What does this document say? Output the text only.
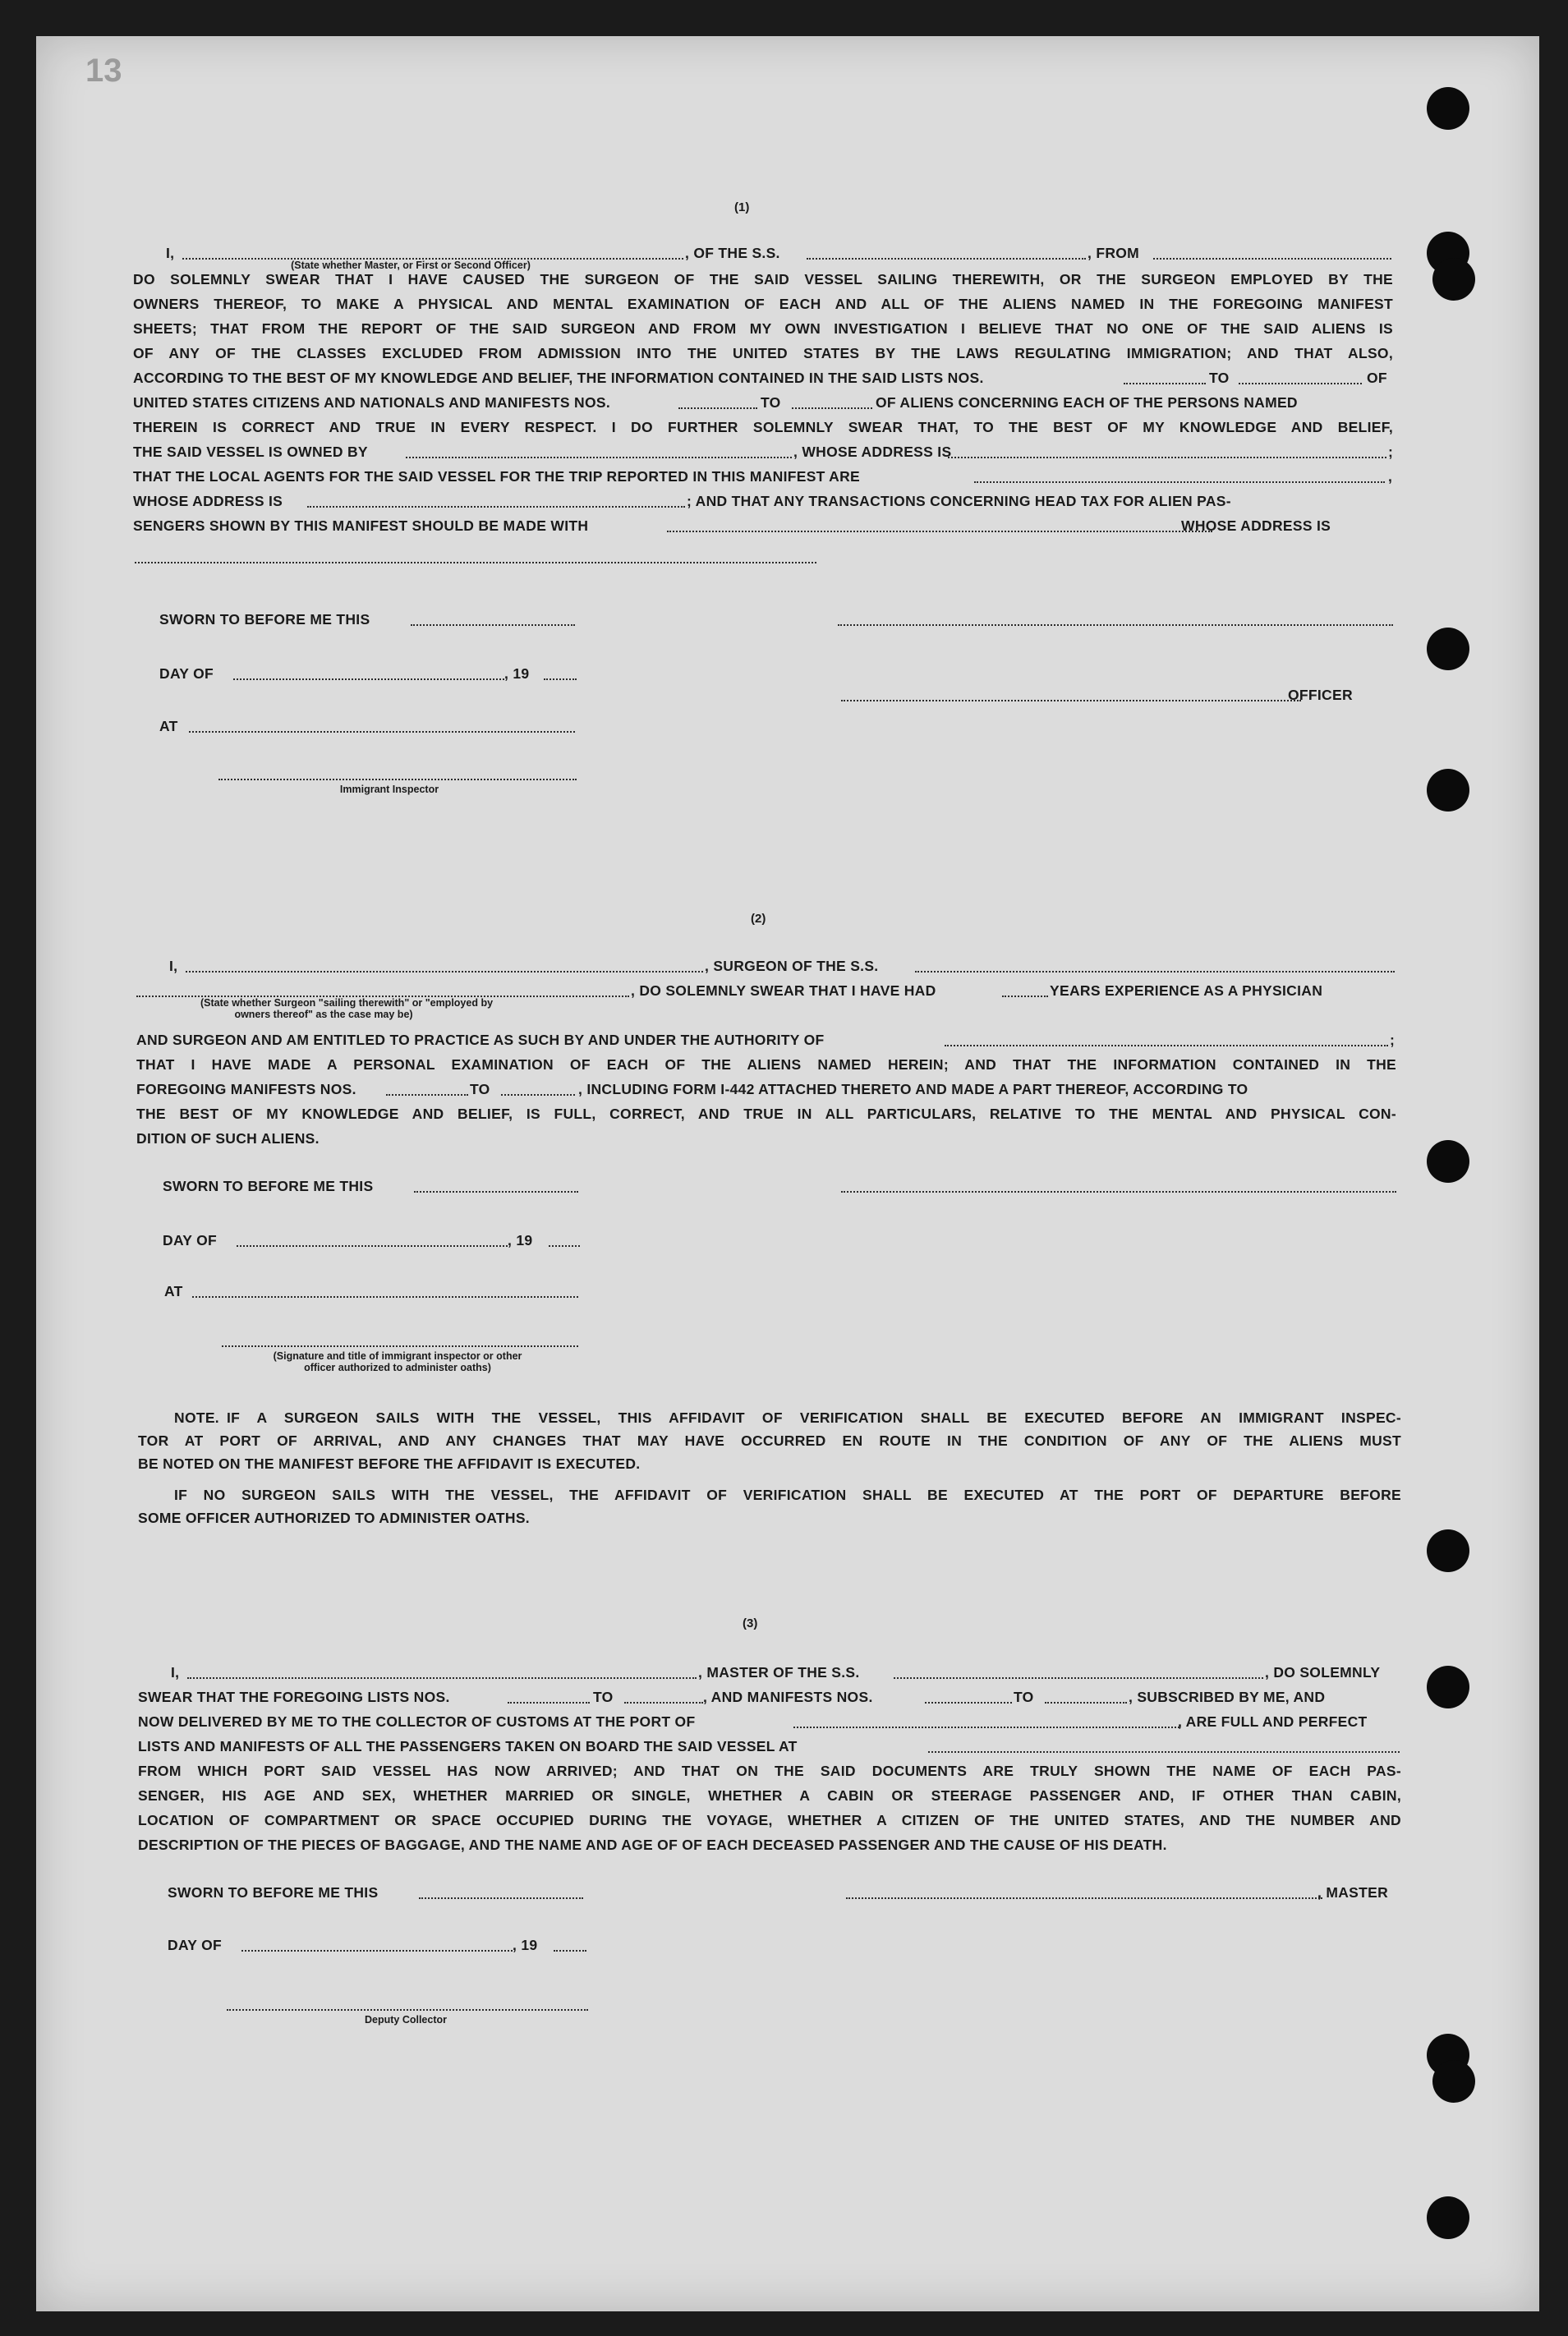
13
(1)
I,	, OF THE S.S.	, FROM
(State whether Master, or First or Second Officer)
DO SOLEMNLY SWEAR THAT I HAVE CAUSED THE SURGEON OF THE SAID VESSEL SAILING THEREWITH, OR THE SURGEON EMPLOYED BY THE
OWNERS THEREOF, TO MAKE A PHYSICAL AND MENTAL EXAMINATION OF EACH AND ALL OF THE ALIENS NAMED IN THE FOREGOING MANIFEST
SHEETS; THAT FROM THE REPORT OF THE SAID SURGEON AND FROM MY OWN INVESTIGATION I BELIEVE THAT NO ONE OF THE SAID ALIENS IS
OF ANY OF THE CLASSES EXCLUDED FROM ADMISSION INTO THE UNITED STATES BY THE LAWS REGULATING IMMIGRATION; AND THAT ALSO,
ACCORDING TO THE BEST OF MY KNOWLEDGE AND BELIEF, THE INFORMATION CONTAINED IN THE SAID LISTS NOS.	TO	OF
UNITED STATES CITIZENS AND NATIONALS AND MANIFESTS NOS.	TO	OF ALIENS CONCERNING EACH OF THE PERSONS NAMED
THEREIN IS CORRECT AND TRUE IN EVERY RESPECT. I DO FURTHER SOLEMNLY SWEAR THAT, TO THE BEST OF MY KNOWLEDGE AND BELIEF,
THE SAID VESSEL IS OWNED BY	, WHOSE ADDRESS IS	;
THAT THE LOCAL AGENTS FOR THE SAID VESSEL FOR THE TRIP REPORTED IN THIS MANIFEST ARE	,
WHOSE ADDRESS IS	; AND THAT ANY TRANSACTIONS CONCERNING HEAD TAX FOR ALIEN PAS-
SENGERS SHOWN BY THIS MANIFEST SHOULD BE MADE WITH	WHOSE ADDRESS IS
SWORN TO BEFORE ME THIS
DAY OF	, 19
OFFICER
AT
Immigrant Inspector
(2)
I,	, SURGEON OF THE S.S.
, DO SOLEMNLY SWEAR THAT I HAVE HAD	YEARS EXPERIENCE AS A PHYSICIAN
(State whether Surgeon "sailing therewith" or "employed by
owners thereof" as the case may be)
AND SURGEON AND AM ENTITLED TO PRACTICE AS SUCH BY AND UNDER THE AUTHORITY OF	;
THAT I HAVE MADE A PERSONAL EXAMINATION OF EACH OF THE ALIENS NAMED HEREIN; AND THAT THE INFORMATION CONTAINED IN THE
FOREGOING MANIFESTS NOS.	TO	, INCLUDING FORM I-442 ATTACHED THERETO AND MADE A PART THEREOF, ACCORDING TO
THE BEST OF MY KNOWLEDGE AND BELIEF, IS FULL, CORRECT, AND TRUE IN ALL PARTICULARS, RELATIVE TO THE MENTAL AND PHYSICAL CON-
DITION OF SUCH ALIENS.
SWORN TO BEFORE ME THIS
DAY OF	, 19
AT
(Signature and title of immigrant inspector or other
officer authorized to administer oaths)
NOTE. IF A SURGEON SAILS WITH THE VESSEL, THIS AFFIDAVIT OF VERIFICATION SHALL BE EXECUTED BEFORE AN IMMIGRANT INSPEC-
TOR AT PORT OF ARRIVAL, AND ANY CHANGES THAT MAY HAVE OCCURRED EN ROUTE IN THE CONDITION OF ANY OF THE ALIENS MUST
BE NOTED ON THE MANIFEST BEFORE THE AFFIDAVIT IS EXECUTED.
IF NO SURGEON SAILS WITH THE VESSEL, THE AFFIDAVIT OF VERIFICATION SHALL BE EXECUTED AT THE PORT OF DEPARTURE BEFORE
SOME OFFICER AUTHORIZED TO ADMINISTER OATHS.
(3)
I,	, MASTER OF THE S.S.	, DO SOLEMNLY
SWEAR THAT THE FOREGOING LISTS NOS.	TO	, AND MANIFESTS NOS.	TO	, SUBSCRIBED BY ME, AND
NOW DELIVERED BY ME TO THE COLLECTOR OF CUSTOMS AT THE PORT OF	, ARE FULL AND PERFECT
LISTS AND MANIFESTS OF ALL THE PASSENGERS TAKEN ON BOARD THE SAID VESSEL AT
FROM WHICH PORT SAID VESSEL HAS NOW ARRIVED; AND THAT ON THE SAID DOCUMENTS ARE TRULY SHOWN THE NAME OF EACH PAS-
SENGER, HIS AGE AND SEX, WHETHER MARRIED OR SINGLE, WHETHER A CABIN OR STEERAGE PASSENGER AND, IF OTHER THAN CABIN,
LOCATION OF COMPARTMENT OR SPACE OCCUPIED DURING THE VOYAGE, WHETHER A CITIZEN OF THE UNITED STATES, AND THE NUMBER AND
DESCRIPTION OF THE PIECES OF BAGGAGE, AND THE NAME AND AGE OF OF EACH DECEASED PASSENGER AND THE CAUSE OF HIS DEATH.
SWORN TO BEFORE ME THIS	, MASTER
DAY OF	, 19
Deputy Collector
